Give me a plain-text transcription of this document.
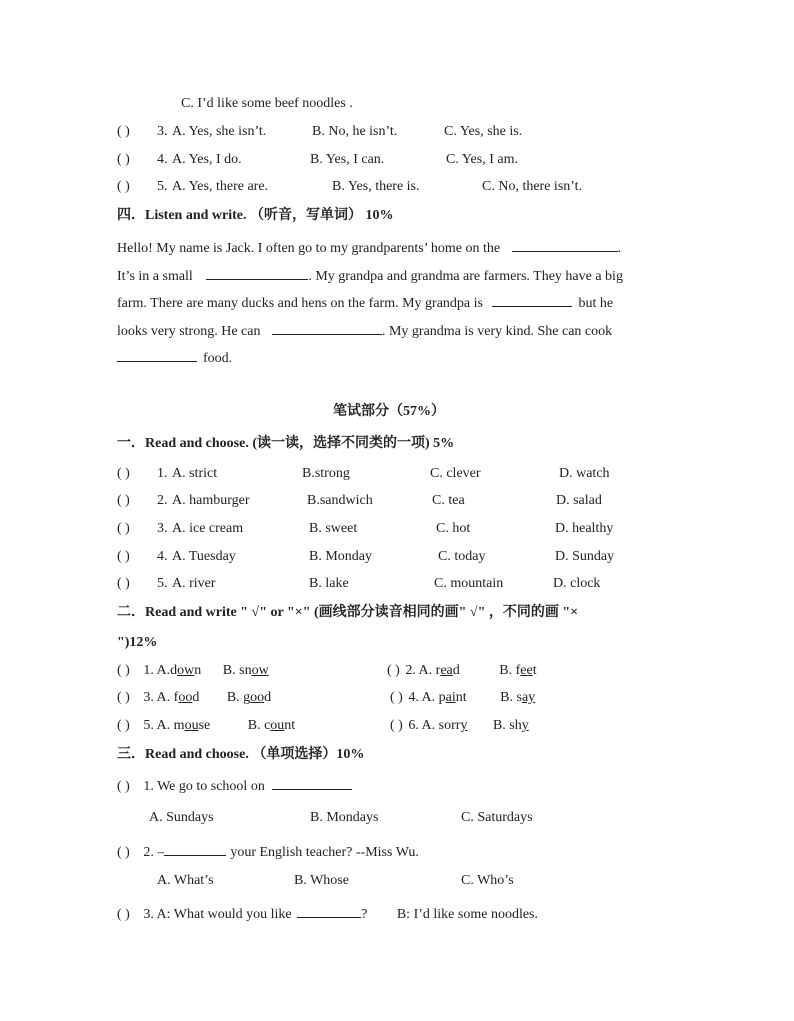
C. I’d like some beef noodles .
( ) 3. A. Yes, she isn’t.	B. No, he isn’t.	C. Yes, she is.
( ) 4. A. Yes, I do.	B. Yes, I can.	C. Yes, I am.
( ) 5. A. Yes, there are.	B. Yes, there is.	C. No, there isn’t.
四．Listen and write. （听音，写单词） 10%
Hello! My name is Jack. I often go to my grandparents’ home on the	.
It’s in a small	. My grandpa and grandma are farmers. They have a big
farm. There are many ducks and hens on the farm. My grandpa is	but he
looks very strong. He can	. My grandma is very kind. She can cook
food.
笔试部分（57%）
一．Read and choose. (读一读，选择不同类的一项) 5%
( ) 1. A. strict	B.strong	C. clever	D. watch
( ) 2. A. hamburger	B.sandwich	C. tea	D. salad
( ) 3. A. ice cream	B. sweet	C. hot	D. healthy
( ) 4. A. Tuesday	B. Monday	C. today	D. Sunday
( ) 5. A. river	B. lake	C. mountain	D. clock
二．Read and write " √" or "×" (画线部分读音相同的画" √" ，不同的画 "×
")12%
( ) 1. A.down B. snow	( ) 2. A. read	B. feet
( ) 3. A. food B. good	( ) 4. A. paint B. say
( ) 5. A. mouse	B. count	( ) 6. A. sorry B. shy
三．Read and choose. （单项选择）10%
( ) 1. We go to school on
A. Sundays	B. Mondays	C. Saturdays
( ) 2. –	your English teacher? --Miss Wu.
A. What’s	B. Whose	C. Who’s
( ) 3. A: What would you like	? B: I’d like some noodles.
